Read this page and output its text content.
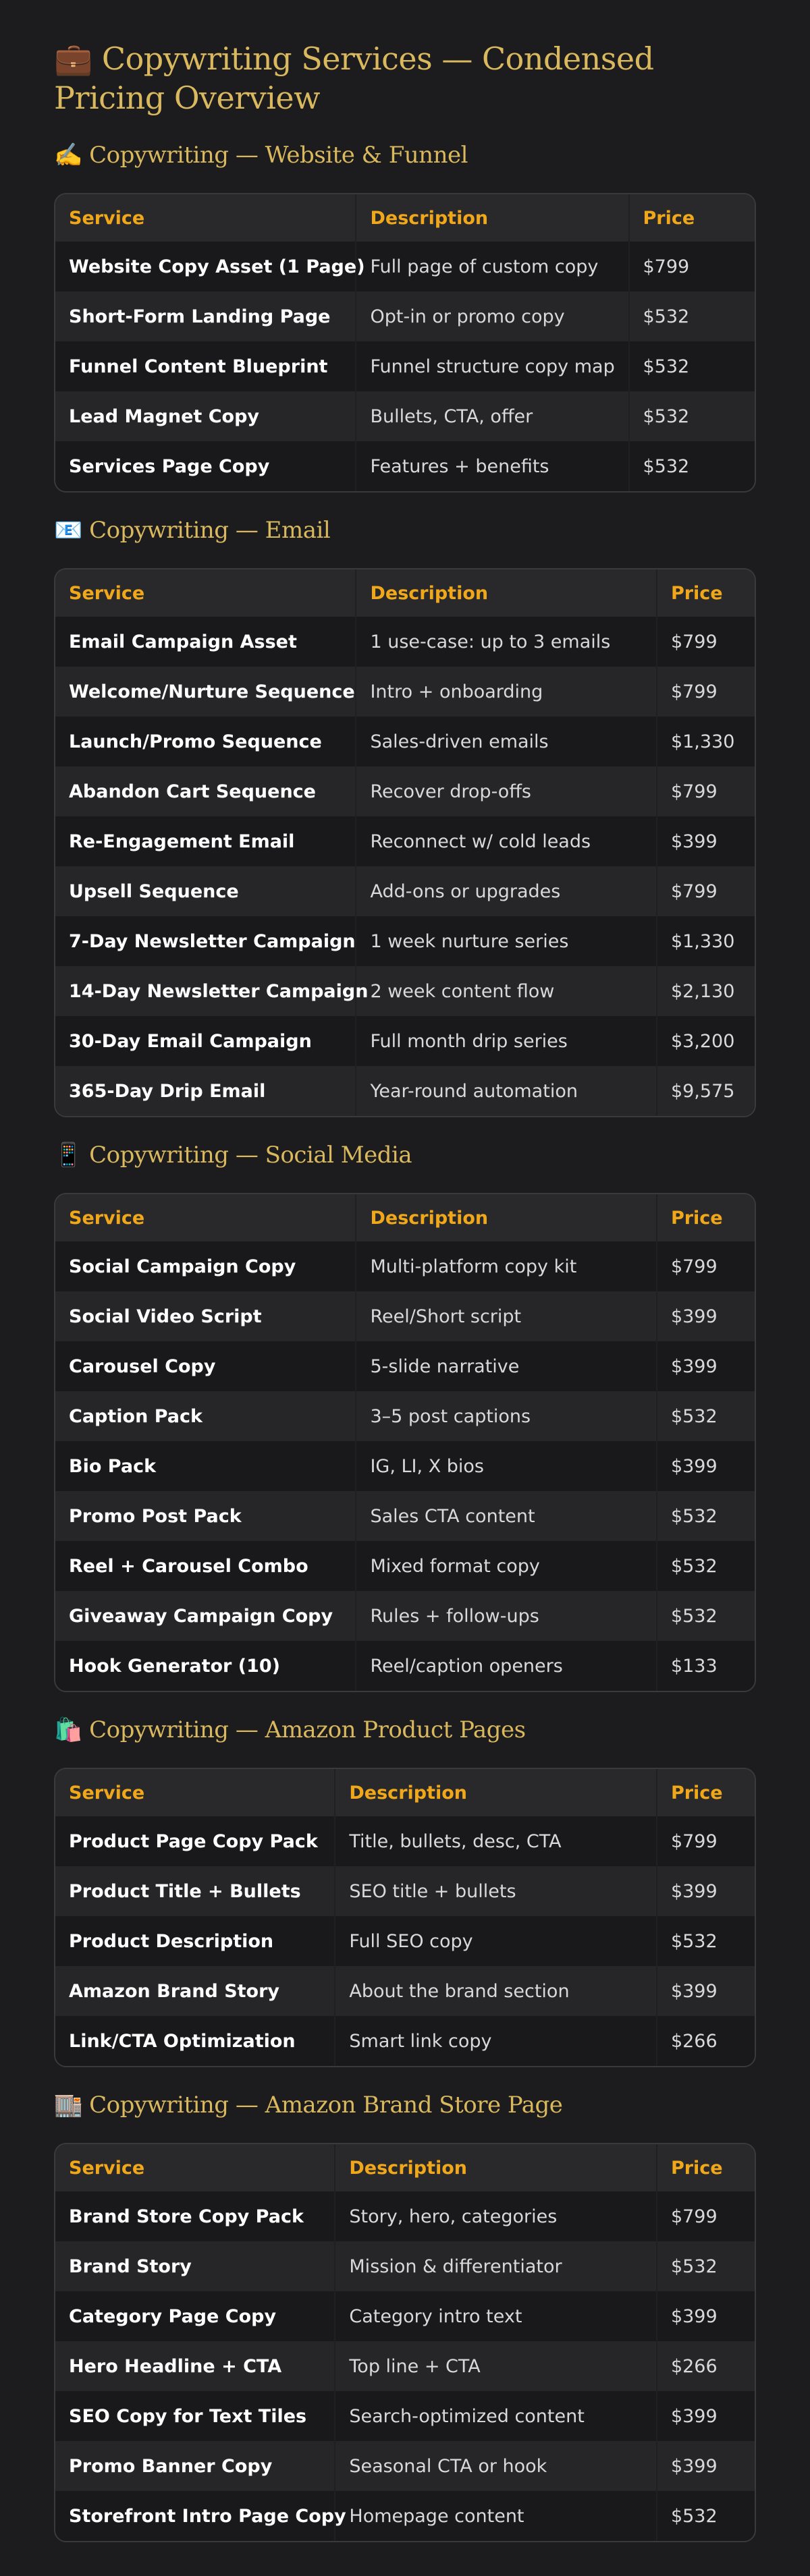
💼 Copywriting Services — Condensed Pricing Overview
✍️ Copywriting — Website & Funnel
Service	Description	Price
Website Copy Asset (1 Page)	Full page of custom copy	$799
Short-Form Landing Page	Opt-in or promo copy	$532
Funnel Content Blueprint	Funnel structure copy map	$532
Lead Magnet Copy	Bullets, CTA, offer	$532
Services Page Copy	Features + benefits	$532
📧 Copywriting — Email
Service	Description	Price
Email Campaign Asset	1 use-case: up to 3 emails	$799
Welcome/Nurture Sequence	Intro + onboarding	$799
Launch/Promo Sequence	Sales-driven emails	$1,330
Abandon Cart Sequence	Recover drop-offs	$799
Re-Engagement Email	Reconnect w/ cold leads	$399
Upsell Sequence	Add-ons or upgrades	$799
7-Day Newsletter Campaign	1 week nurture series	$1,330
14-Day Newsletter Campaign	2 week content flow	$2,130
30-Day Email Campaign	Full month drip series	$3,200
365-Day Drip Email	Year-round automation	$9,575
📱 Copywriting — Social Media
Service	Description	Price
Social Campaign Copy	Multi-platform copy kit	$799
Social Video Script	Reel/Short script	$399
Carousel Copy	5-slide narrative	$399
Caption Pack	3–5 post captions	$532
Bio Pack	IG, LI, X bios	$399
Promo Post Pack	Sales CTA content	$532
Reel + Carousel Combo	Mixed format copy	$532
Giveaway Campaign Copy	Rules + follow-ups	$532
Hook Generator (10)	Reel/caption openers	$133
🛍️ Copywriting — Amazon Product Pages
Service	Description	Price
Product Page Copy Pack	Title, bullets, desc, CTA	$799
Product Title + Bullets	SEO title + bullets	$399
Product Description	Full SEO copy	$532
Amazon Brand Story	About the brand section	$399
Link/CTA Optimization	Smart link copy	$266
🏬 Copywriting — Amazon Brand Store Page
Service	Description	Price
Brand Store Copy Pack	Story, hero, categories	$799
Brand Story	Mission & differentiator	$532
Category Page Copy	Category intro text	$399
Hero Headline + CTA	Top line + CTA	$266
SEO Copy for Text Tiles	Search-optimized content	$399
Promo Banner Copy	Seasonal CTA or hook	$399
Storefront Intro Page Copy	Homepage content	$532
